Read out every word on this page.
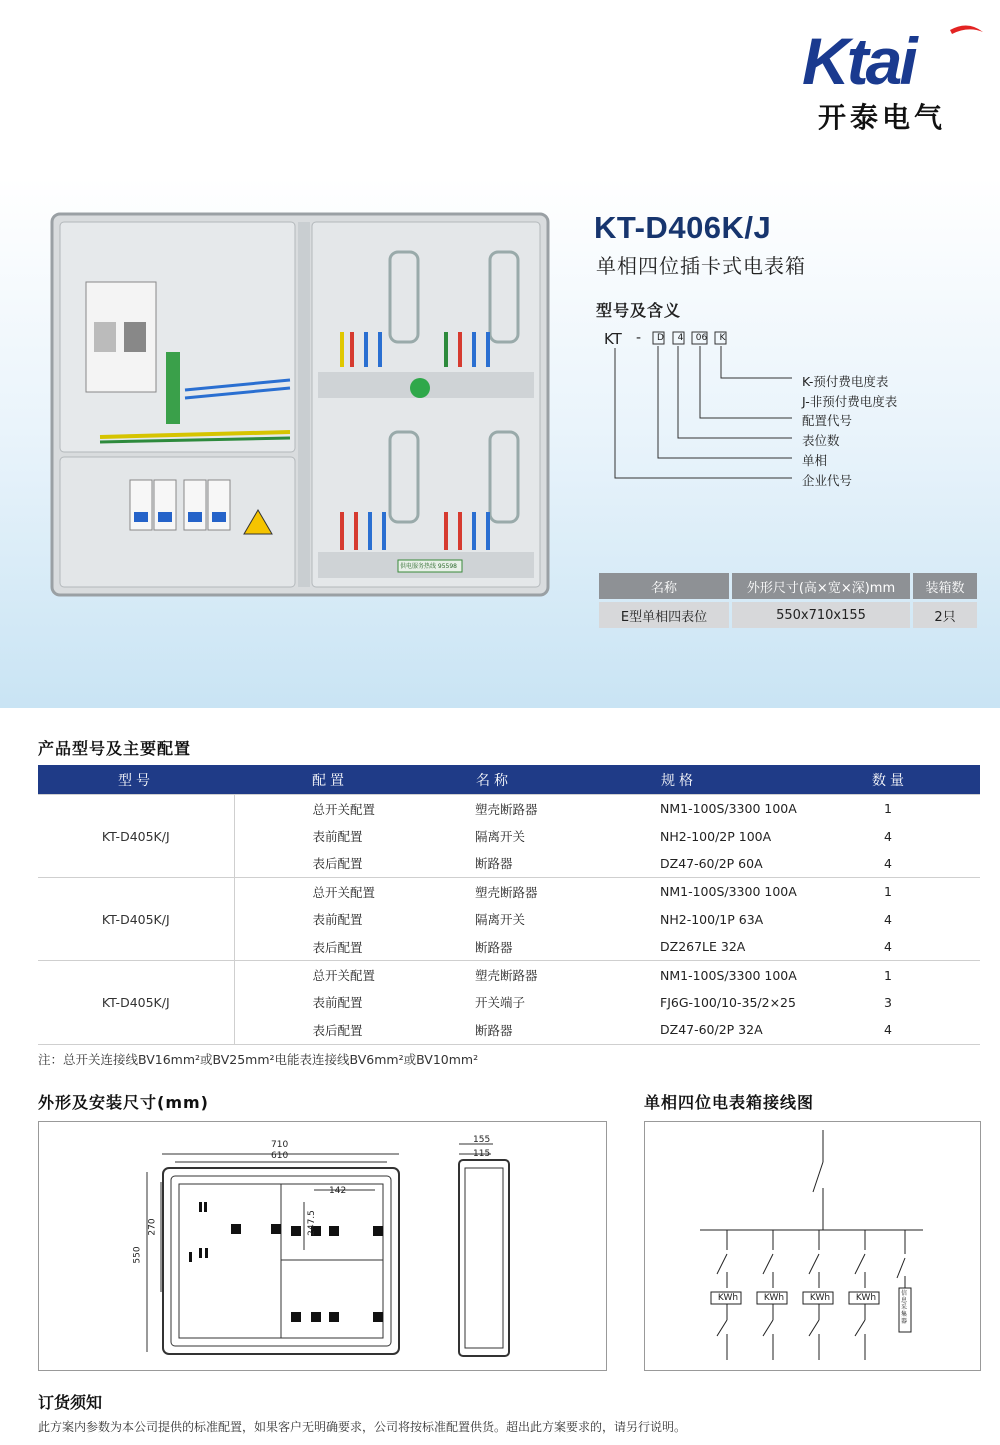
Ktai
开泰电气
供电服务热线 95598
KT-D406K/J
单相四位插卡式电表箱
型号及含义
KT - D 4 06 K
K-预付费电度表
J-非预付费电度表
配置代号
表位数
单相
企业代号
名称	外形尺寸(高×宽×深)mm	装箱数
E型单相四表位	550x710x155	2只
产品型号及主要配置
型号	配置	名称	规格	数量
KT-D405K/J	总开关配置	塑壳断路器	NM1-100S/3300 100A	1
	表前配置	隔离开关	NH2-100/2P 100A	4
	表后配置	断路器	DZ47-60/2P 60A	4
KT-D405K/J	总开关配置	塑壳断路器	NM1-100S/3300 100A	1
	表前配置	隔离开关	NH2-100/1P 63A	4
	表后配置	断路器	DZ267LE 32A	4
KT-D405K/J	总开关配置	塑壳断路器	NM1-100S/3300 100A	1
	表前配置	开关端子	FJ6G-100/10-35/2×25	3
	表后配置	断路器	DZ47-60/2P 32A	4
注：总开关连接线BV16mm²或BV25mm²电能表连接线BV6mm²或BV10mm²
外形及安装尺寸(mm)
710
610
550
270
142
247.5
155
115
单相四位电表箱接线图
KWh	KWh	KWh	KWh	信息采集器
订货须知
此方案内参数为本公司提供的标准配置，如果客户无明确要求，公司将按标准配置供货。超出此方案要求的，请另行说明。
